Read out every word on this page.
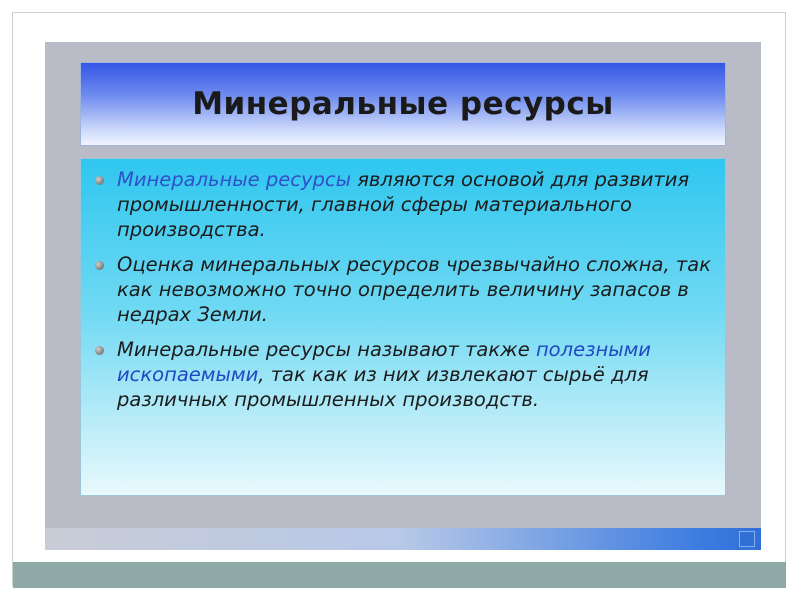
Минеральные ресурсы
Минеральные ресурсы являются основой для развития промышленности, главной сферы материального производства.
Оценка минеральных ресурсов чрезвычайно сложна, так как невозможно точно определить величину запасов в недрах Земли.
Минеральные ресурсы называют также полезными ископаемыми, так как из них извлекают сырьё для различных промышленных производств.
